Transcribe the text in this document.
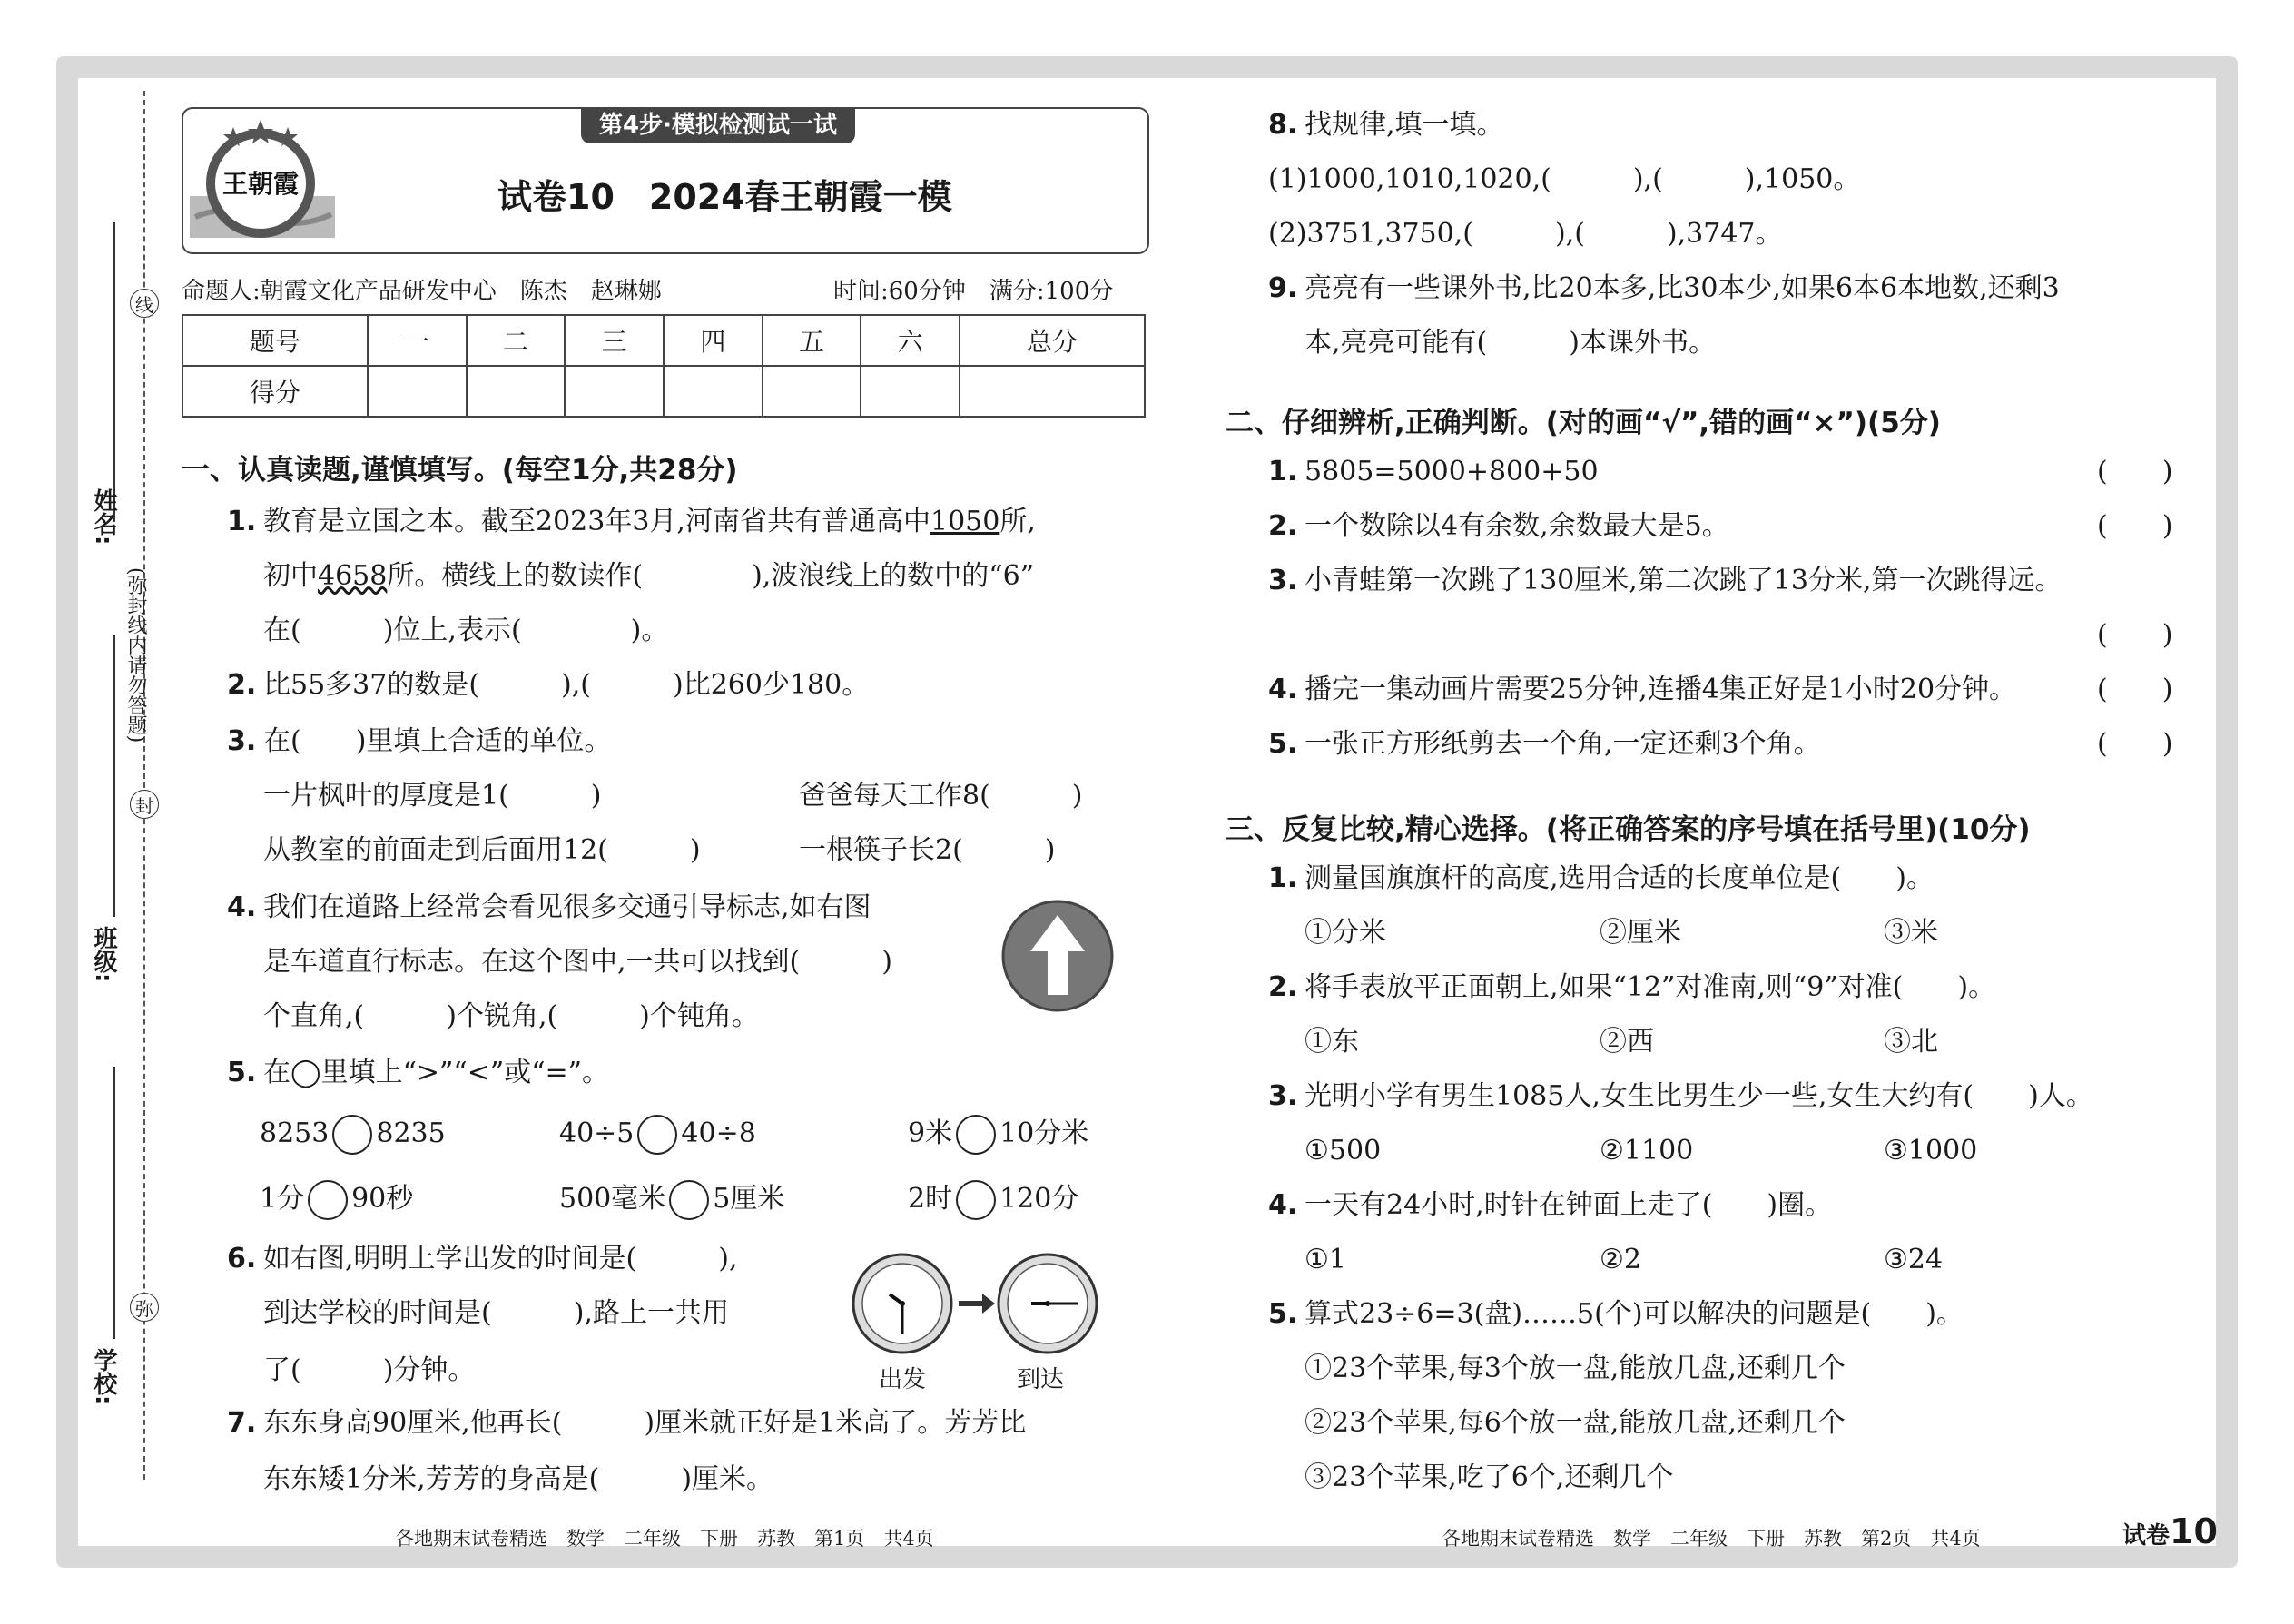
线
封
弥
姓名:
(弥封线内请勿答题)
班级:
学校:
第4步·模拟检测试一试
王朝霞	试卷10　2024春王朝霞一模
命题人:朝霞文化产品研发中心　陈杰　赵琳娜	时间:60分钟　满分:100分
题号	一	二	三	四	五	六	总分
得分							
一、认真读题,谨慎填写。(每空1分,共28分)
1. 教育是立国之本。截至2023年3月,河南省共有普通高中1050所,
初中4658所。横线上的数读作(　　　　),波浪线上的数中的“6”
在(　　　)位上,表示(　　　　)。
2. 比55多37的数是(　　　),(　　　)比260少180。
3. 在(　　)里填上合适的单位。
一片枫叶的厚度是1(　　　)	爸爸每天工作8(　　　)
从教室的前面走到后面用12(　　　)	一根筷子长2(　　　)
4. 我们在道路上经常会看见很多交通引导标志,如右图
是车道直行标志。在这个图中,一共可以找到(　　　)
个直角,(　　　)个锐角,(　　　)个钝角。
5. 在◯里填上“>”“<”或“=”。
8253 8235	40÷5 40÷8	9米 10分米
1分 90秒	500毫米 5厘米	2时 120分
6. 如右图,明明上学出发的时间是(　　　),
到达学校的时间是(　　　),路上一共用
了(　　　)分钟。	出发	到达
7. 东东身高90厘米,他再长(　　　)厘米就正好是1米高了。芳芳比
东东矮1分米,芳芳的身高是(　　　)厘米。
8. 找规律,填一填。
(1)1000,1010,1020,(　　　),(　　　),1050。
(2)3751,3750,(　　　),(　　　),3747。
9. 亮亮有一些课外书,比20本多,比30本少,如果6本6本地数,还剩3
本,亮亮可能有(　　　)本课外书。
二、仔细辨析,正确判断。(对的画“√”,错的画“×”)(5分)
1. 5805=5000+800+50	(　　)
2. 一个数除以4有余数,余数最大是5。	(　　)
3. 小青蛙第一次跳了130厘米,第二次跳了13分米,第一次跳得远。
(　　)
4. 播完一集动画片需要25分钟,连播4集正好是1小时20分钟。	(　　)
5. 一张正方形纸剪去一个角,一定还剩3个角。	(　　)
三、反复比较,精心选择。(将正确答案的序号填在括号里)(10分)
1. 测量国旗旗杆的高度,选用合适的长度单位是(　　)。
①分米	②厘米	③米
2. 将手表放平正面朝上,如果“12”对准南,则“9”对准(　　)。
①东	②西	③北
3. 光明小学有男生1085人,女生比男生少一些,女生大约有(　　)人。
①500	②1100	③1000
4. 一天有24小时,时针在钟面上走了(　　)圈。
①1	②2	③24
5. 算式23÷6=3(盘)……5(个)可以解决的问题是(　　)。
①23个苹果,每3个放一盘,能放几盘,还剩几个
②23个苹果,每6个放一盘,能放几盘,还剩几个
③23个苹果,吃了6个,还剩几个
各地期末试卷精选　数学　二年级　下册　苏教　第1页　共4页	各地期末试卷精选　数学　二年级　下册　苏教　第2页　共4页	试卷10
